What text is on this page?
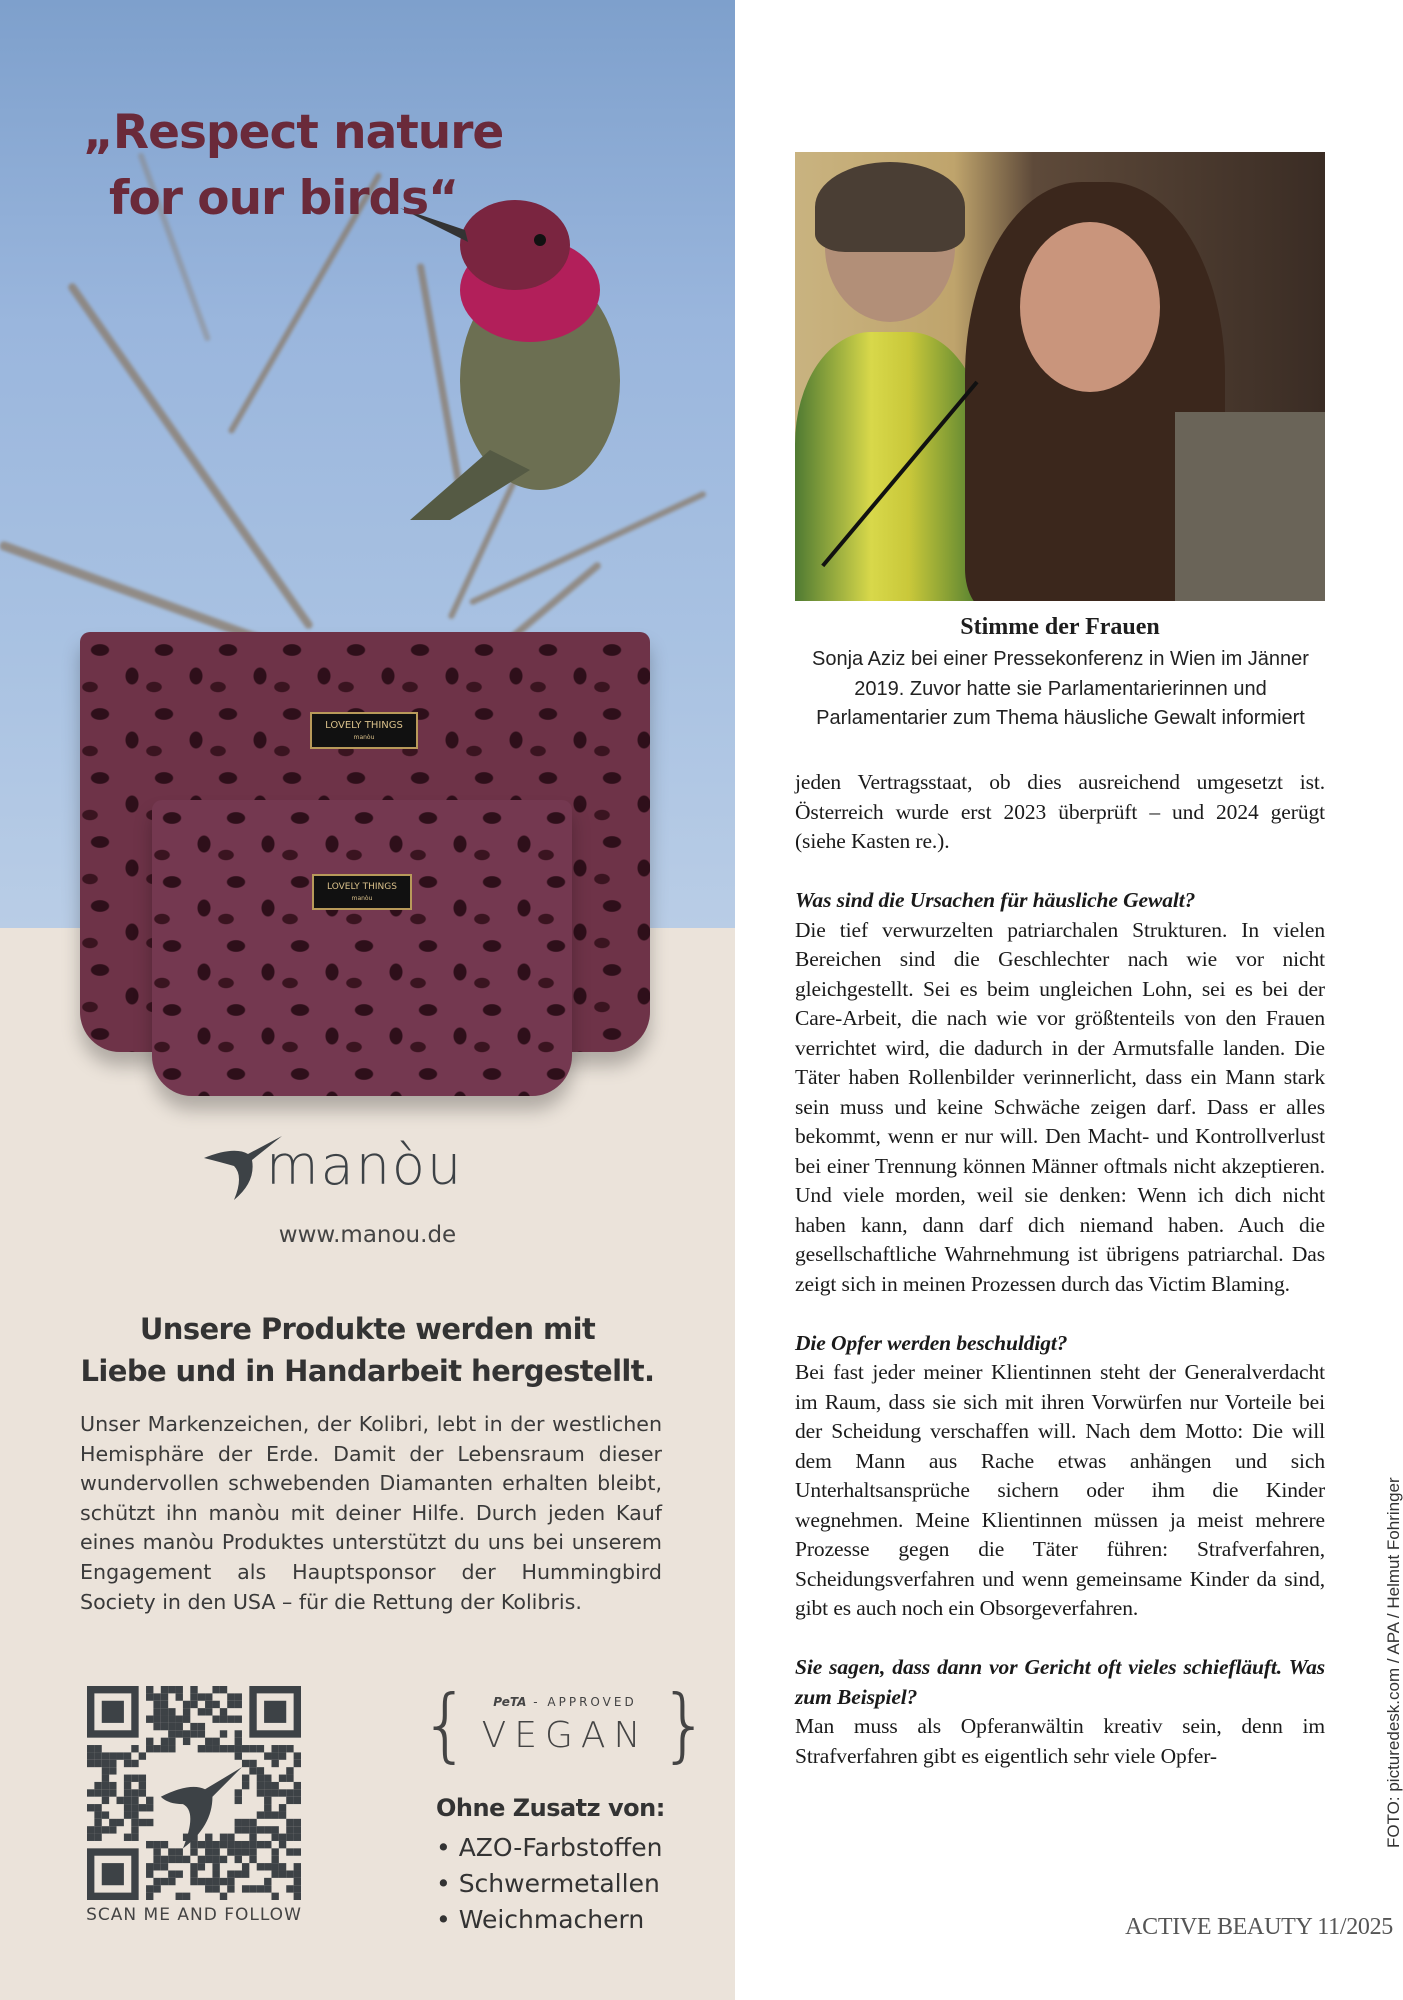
„Respect nature
for our birds“
LOVELY THINGS
manòu
LOVELY THINGS
manòu
manòu
www.manou.de
Unsere Produkte werden mit
Liebe und in Handarbeit hergestellt.
Unser Markenzeichen, der Kolibri, lebt in der westlichen Hemisphäre der Erde. Damit der Lebensraum dieser wundervollen schwebenden Diamanten erhalten bleibt, schützt ihn manòu mit deiner Hilfe. Durch jeden Kauf eines manòu Produktes unterstützt du uns bei unserem Engagement als Hauptsponsor der Hummingbird Society in den USA – für die Rettung der Kolibris.
SCAN ME AND FOLLOW
{	PeTA - APPROVED
VEGAN }
Ohne Zusatz von:
• AZO-Farbstoffen
• Schwermetallen
• Weichmachern
Stimme der Frauen
Sonja Aziz bei einer Pressekonferenz in Wien im Jänner 2019. Zuvor hatte sie Parlamentarierinnen und Parlamentarier zum Thema häusliche Gewalt informiert
jeden Vertragsstaat, ob dies ausreichend umgesetzt ist. Österreich wurde erst 2023 überprüft – und 2024 gerügt (siehe Kasten re.).
Was sind die Ursachen für häusliche Gewalt?
Die tief verwurzelten patriarchalen Strukturen. In vielen Bereichen sind die Geschlechter nach wie vor nicht gleichgestellt. Sei es beim ungleichen Lohn, sei es bei der Care-Arbeit, die nach wie vor größtenteils von den Frauen verrichtet wird, die dadurch in der Armutsfalle landen. Die Täter haben Rollenbilder verinnerlicht, dass ein Mann stark sein muss und keine Schwäche zeigen darf. Dass er alles bekommt, wenn er nur will. Den Macht- und Kontrollverlust bei einer Trennung können Männer oftmals nicht akzeptieren. Und viele morden, weil sie denken: Wenn ich dich nicht haben kann, dann darf dich niemand haben. Auch die gesellschaftliche Wahrnehmung ist übrigens patriarchal. Das zeigt sich in meinen Prozessen durch das Victim Blaming.
Die Opfer werden beschuldigt?
Bei fast jeder meiner Klientinnen steht der Generalverdacht im Raum, dass sie sich mit ihren Vorwürfen nur Vorteile bei der Scheidung verschaffen will. Nach dem Motto: Die will dem Mann aus Rache etwas anhängen und sich Unterhaltsansprüche sichern oder ihm die Kinder wegnehmen. Meine Klientinnen müssen ja meist mehrere Prozesse gegen die Täter führen: Strafverfahren, Scheidungsverfahren und wenn gemeinsame Kinder da sind, gibt es auch noch ein Obsorgeverfahren.
Sie sagen, dass dann vor Gericht oft vieles schiefläuft. Was zum Beispiel?
Man muss als Opferanwältin kreativ sein, denn im Strafverfahren gibt es eigentlich sehr viele Opfer-	FOTO: picturedesk.com / APA / Helmut Fohringer
ACTIVE BEAUTY 11/2025
